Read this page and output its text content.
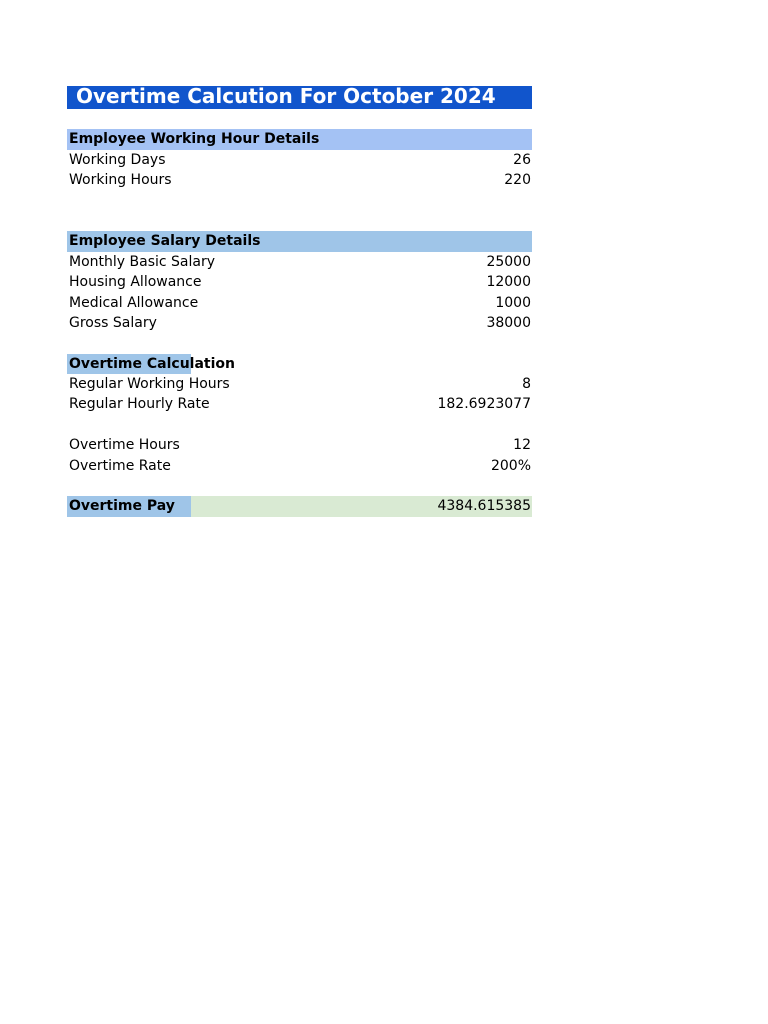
Overtime Calcution For October 2024
Employee Working Hour Details
Working Days	26
Working Hours	220
Employee Salary Details
Monthly Basic Salary	25000
Housing Allowance	12000
Medical Allowance	1000
Gross Salary	38000
Overtime Calculation
Regular Working Hours	8
Regular Hourly Rate	182.6923077
Overtime Hours	12
Overtime Rate	200%
Overtime Pay	4384.615385
